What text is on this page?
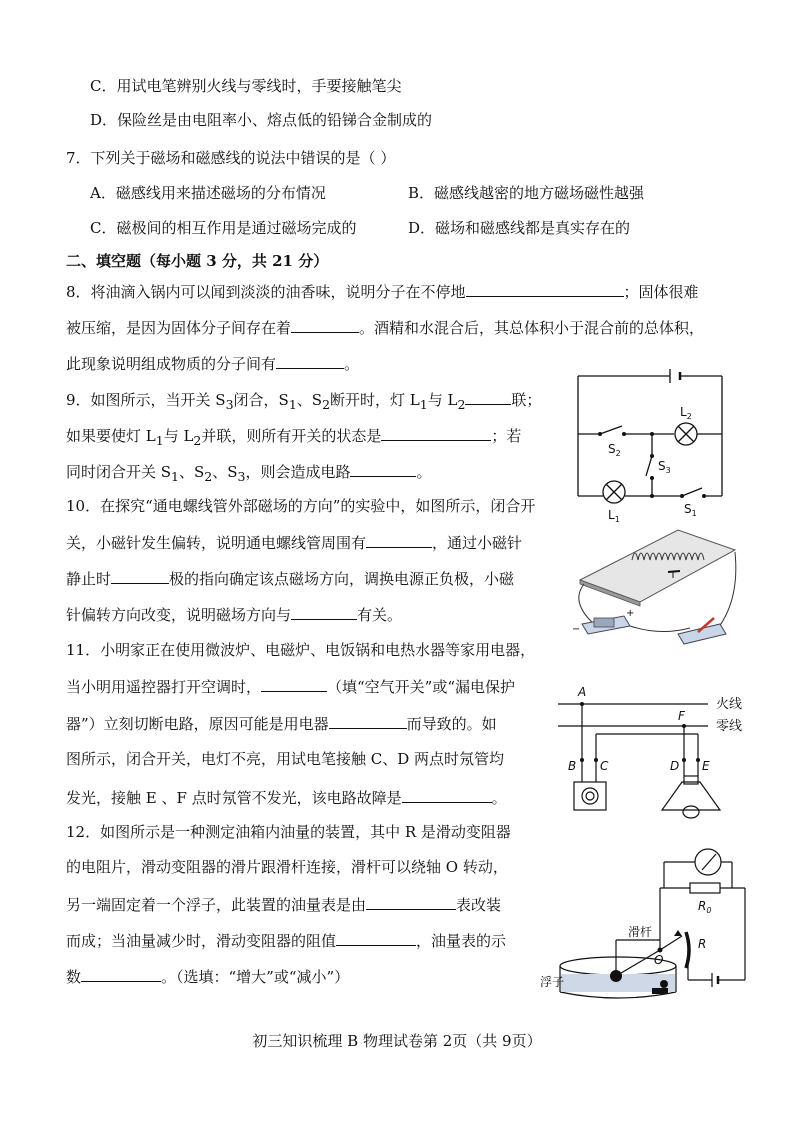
C．用试电笔辨别火线与零线时，手要接触笔尖
D．保险丝是由电阻率小、熔点低的铅锑合金制成的
7．下列关于磁场和磁感线的说法中错误的是（ ）
A．磁感线用来描述磁场的分布情况	B．磁感线越密的地方磁场磁性越强
C．磁极间的相互作用是通过磁场完成的	D．磁场和磁感线都是真实存在的
二、填空题（每小题 3 分，共 21 分）
8．将油滴入锅内可以闻到淡淡的油香味，说明分子在不停地	；固体很难
被压缩，是因为固体分子间存在着	。酒精和水混合后，其总体积小于混合前的总体积，
此现象说明组成物质的分子间有	。
9．如图所示，当开关 $S_3$闭合，$S_1$、$S_2$断开时，灯 $L_1$与 $L_2$	联；
如果要使灯 $L_1$与 $L_2$并联，则所有开关的状态是	；若
同时闭合开关 $S_1$、$S_2$、$S_3$，则会造成电路	。
$L_2$
$S_2$
$S_3$
$L_1$
$S_1$
10．在探究“通电螺线管外部磁场的方向”的实验中，如图所示，闭合开
关，小磁针发生偏转，说明通电螺线管周围有	，通过小磁针
静止时	极的指向确定该点磁场方向，调换电源正负极，小磁
针偏转方向改变，说明磁场方向与	有关。
−
+
11．小明家正在使用微波炉、电磁炉、电饭锅和电热水器等家用电器，
当小明用遥控器打开空调时，	（填“空气开关”或“漏电保护
器”）立刻切断电路，原因可能是用电器	而导致的。如
图所示，闭合开关，电灯不亮，用试电笔接触 C、D 两点时氖管均
发光，接触 E 、F 点时氖管不发光，该电路故障是	。
火线
零线
A
F
B C	D E
12．如图所示是一种测定油箱内油量的装置，其中 R 是滑动变阻器
的电阻片，滑动变阻器的滑片跟滑杆连接，滑杆可以绕轴 O 转动，
另一端固定着一个浮子，此装置的油量表是由	表改装
而成；当油量减少时，滑动变阻器的阻值	，油量表的示
数	。（选填：“增大”或“减小”）
滑杆
O
R
$R_0$
浮子
初三知识梳理 B 物理试卷第 2页（共 9页）
